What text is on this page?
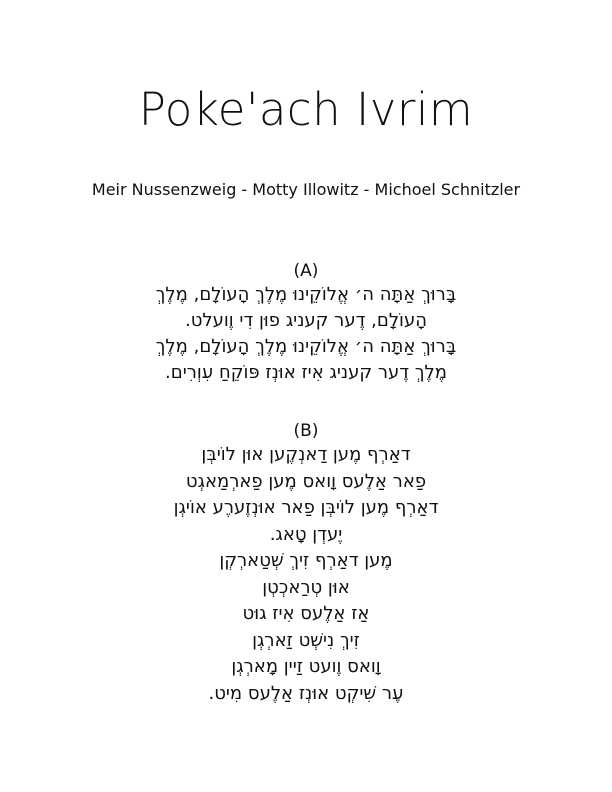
Poke'ach Ivrim
Meir Nussenzweig - Motty Illowitz - Michoel Schnitzler
(A)
בָּרוּךְ אַתָּה ה׳ אֱלוֹקֵינוּ מֶלֶךְ הָעוֹלָם, מֶלֶךְ
הָעוֹלָם, דֶער קעניג פוּן דִי וֶועלט.
בָּרוּךְ אַתָּה ה׳ אֱלוֹקֵינוּ מֶלֶךְ הָעוֹלָם, מֶלֶךְ
מֶלֶךְ דֶער קעניג אִיז אוּנְז פּוֹקֵחַ עִוְרִים.
(B)
דאַרְף מֶען דַאנְקֶען אוּן לוֹיבְּן
פַאר אַלֶעס וָואס מֶען פַארְמַאגְט
דאַרְף מֶען לוֹיבְּן פַאר אוּנְזֶערֶע אוֹיגְן
יֶעדְן טָאג.
מֶען דאַרְף זִיךְ שְׁטַארְקְן
אוּן טְרַאכְטְן
אַז אַלֶעס אִיז גוּט
זִיךְ נִישְׁט זַארְגְן
וָואס וֶועט זַיין מָארְגְן
עֶר שִׁיקְט אוּנְז אַלֶעס מִיט.
